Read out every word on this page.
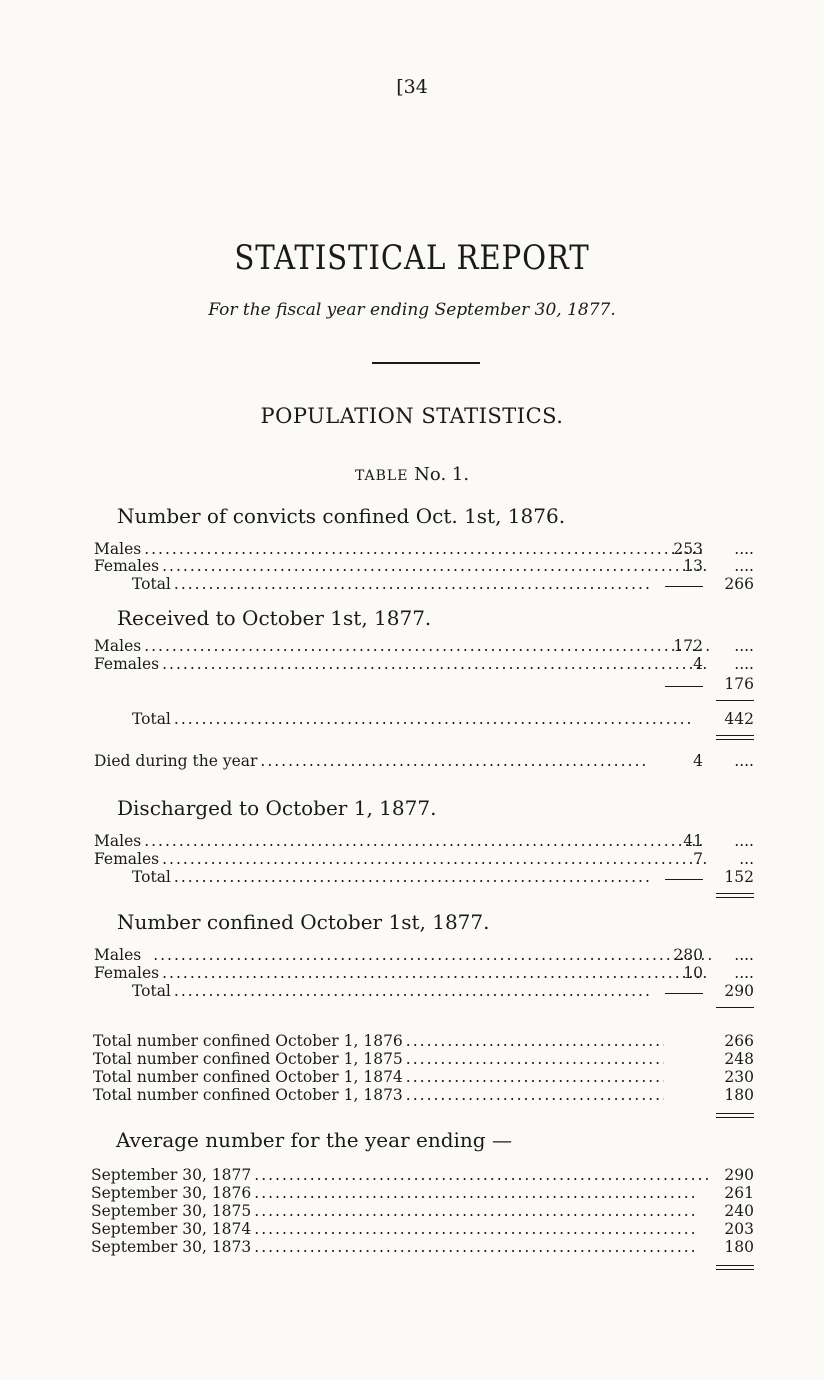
[34
STATISTICAL REPORT
For the fiscal year ending September 30, 1877.
POPULATION STATISTICS.
TABLE No. 1.
Number of convicts confined Oct. 1st, 1876.
Males .....	253	....
Females .....	13	....
Total .....	266
Received to October 1st, 1877.
Males .....	172	....
Females .....	4	....
176
Total .....	442
Died during the year .....	4	....
Discharged to October 1, 1877.
Males .....	41	....
Females .....	7	...
Total .....	152
Number confined October 1st, 1877.
Males .....	280	....
Females .....	10	....
Total .....	290
Total number confined October 1, 1876 .....	266
Total number confined October 1, 1875 .....	248
Total number confined October 1, 1874 .....	230
Total number confined October 1, 1873 .....	180
Average number for the year ending —
September 30, 1877 .....	290
September 30, 1876 .....	261
September 30, 1875 .....	240
September 30, 1874 .....	203
September 30, 1873 .....	180
